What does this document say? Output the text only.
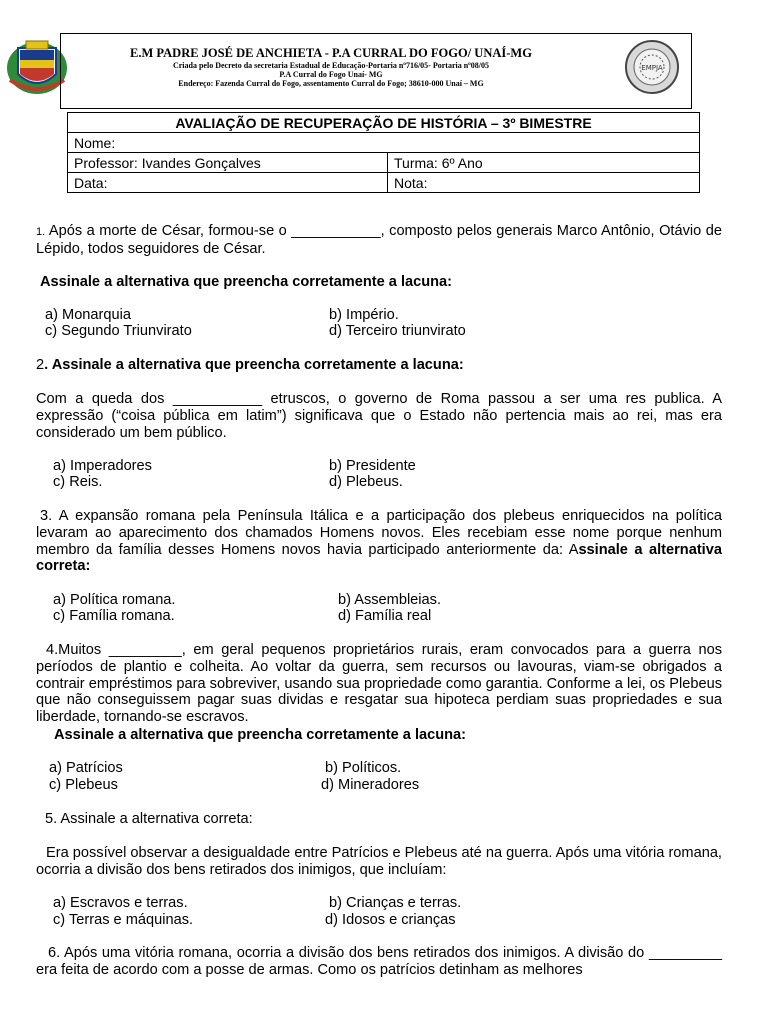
E.M PADRE JOSÉ DE ANCHIETA - P.A CURRAL DO FOGO/ UNAÍ-MG
Criada pelo Decreto da secretaria Estadual de Educação-Portaria nº716/05- Portaria nº08/05
P.A Curral do Fogo Unaí- MG
Endereço: Fazenda Curral do Fogo, assentamento Curral do Fogo; 38610-000 Unaí – MG
EMPJA
AVALIAÇÃO DE RECUPERAÇÃO DE HISTÓRIA – 3º BIMESTRE	
Nome:	
Professor: Ivandes Gonçalves	Turma: 6º Ano
Data:	Nota:

1. Após a morte de César, formou-se o ___________, composto pelos generais Marco Antônio, Otávio de Lépido, todos seguidores de César.

Assinale a alternativa que preencha corretamente a lacuna:

a) Monarquia	b) Império.
c) Segundo Triunvirato	d) Terceiro triunvirato

2. Assinale a alternativa que preencha corretamente a lacuna:

Com a queda dos ___________ etruscos, o governo de Roma passou a ser uma res publica. A expressão (“coisa pública em latim”) significava que o Estado não pertencia mais ao rei, mas era considerado um bem público.

a) Imperadores	b) Presidente
c) Reis.	d) Plebeus.

3. A expansão romana pela Península Itálica e a participação dos plebeus enriquecidos na política levaram ao aparecimento dos chamados Homens novos. Eles recebiam esse nome porque nenhum membro da família desses Homens novos havia participado anteriormente da: Assinale a alternativa correta:

a) Política romana.	b) Assembleias.
c) Família romana.	d) Família real

4.Muitos _________, em geral pequenos proprietários rurais, eram convocados para a guerra nos períodos de plantio e colheita. Ao voltar da guerra, sem recursos ou lavouras, viam-se obrigados a contrair empréstimos para sobreviver, usando sua propriedade como garantia. Conforme a lei, os Plebeus que não conseguissem pagar suas dividas e resgatar sua hipoteca perdiam suas propriedades e sua liberdade, tornando-se escravos.

Assinale a alternativa que preencha corretamente a lacuna:

a) Patrícios	b) Políticos.
c) Plebeus	d) Mineradores

5. Assinale a alternativa correta:

Era possível observar a desigualdade entre Patrícios e Plebeus até na guerra. Após uma vitória romana, ocorria a divisão dos bens retirados dos inimigos, que incluíam:

a) Escravos e terras.	b) Crianças e terras.
c) Terras e máquinas.	d) Idosos e crianças

6. Após uma vitória romana, ocorria a divisão dos bens retirados dos inimigos. A divisão do _________ era feita de acordo com a posse de armas. Como os patrícios detinham as melhores
